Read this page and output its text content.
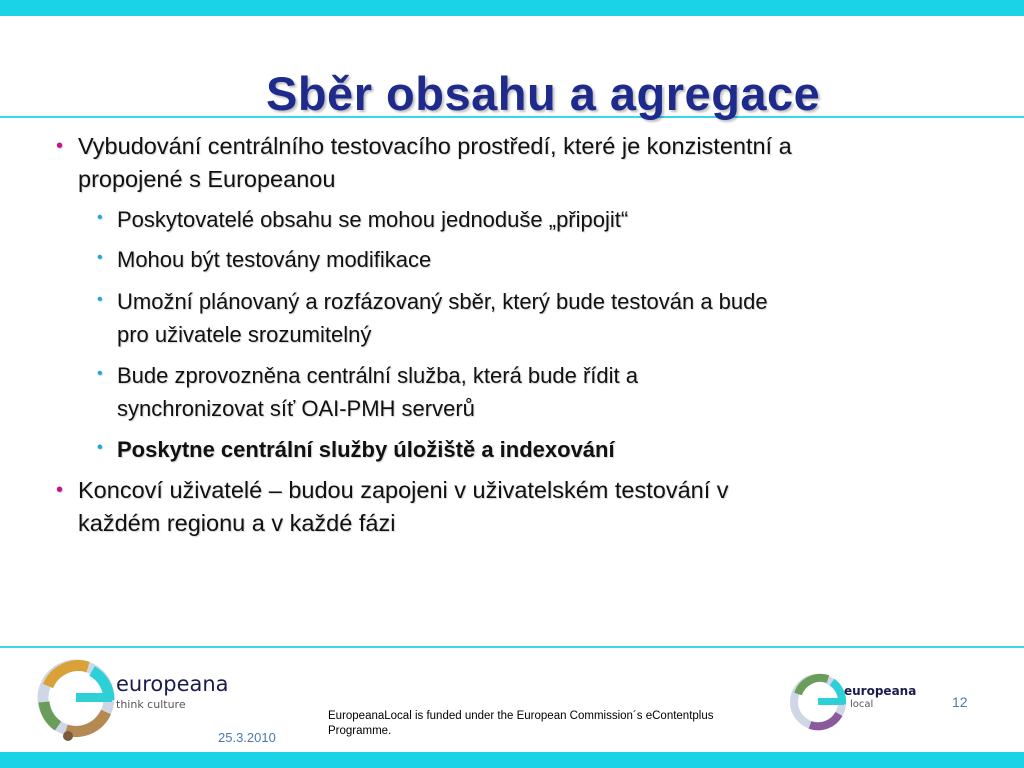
Sběr obsahu a agregace
• Vybudování centrálního testovacího prostředí, které je konzistentní a
propojené s Europeanou
• Poskytovatelé obsahu se mohou jednoduše „připojit“
• Mohou být testovány modifikace
• Umožní plánovaný a rozfázovaný sběr, který bude testován a bude
pro uživatele srozumitelný
• Bude zprovozněna centrální služba, která bude řídit a
synchronizovat síť OAI-PMH serverů
• Poskytne centrální služby úložiště a indexování
• Koncoví uživatelé – budou zapojeni v uživatelském testování v
každém regionu a v každé fázi
europeana
think culture
europeana
local	12
25.3.2010
EuropeanaLocal is funded under the European Commission´s eContentplus Programme.
